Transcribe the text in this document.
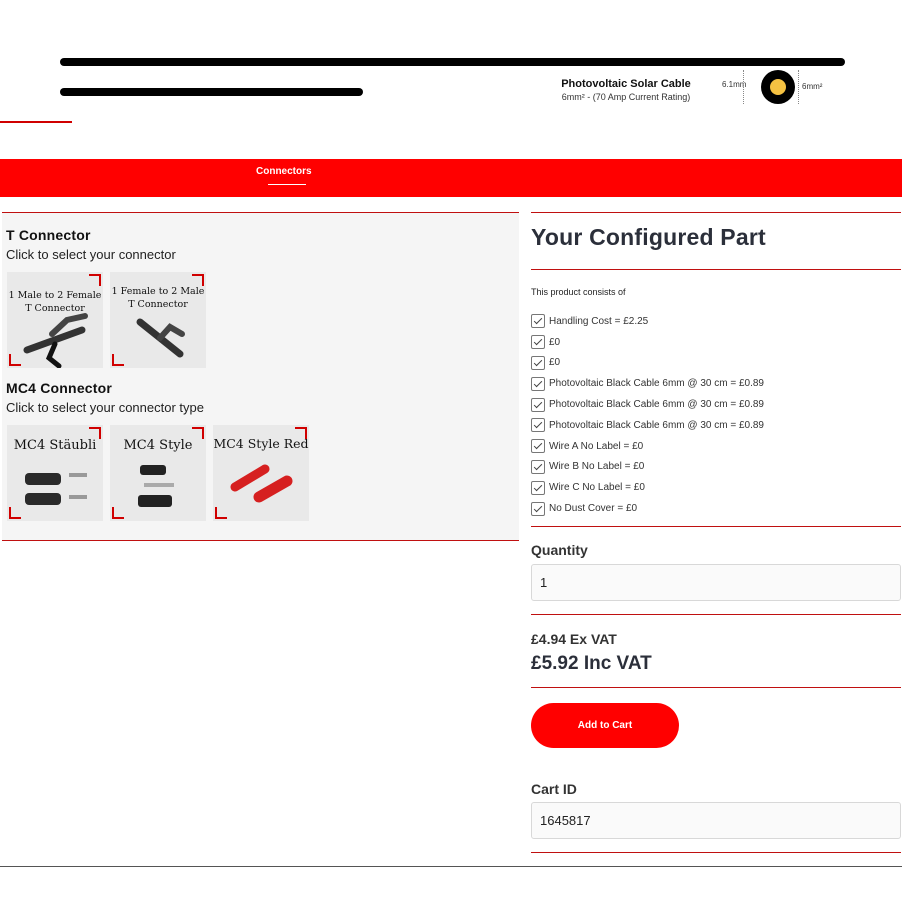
Photovoltaic Solar Cable
6mm² - (70 Amp Current Rating)
6.1mm	6mm²
Connectors
T Connector
Click to select your connector
1 Male to 2 Female
T Connector
1 Female to 2 Male
T Connector
MC4 Connector
Click to select your connector type
MC4 Stäubli	MC4 Style	MC4 Style Red
Your Configured Part
This product consists of
Handling Cost = £2.25
£0
£0
Photovoltaic Black Cable 6mm @ 30 cm = £0.89
Photovoltaic Black Cable 6mm @ 30 cm = £0.89
Photovoltaic Black Cable 6mm @ 30 cm = £0.89
Wire A No Label = £0
Wire B No Label = £0
Wire C No Label = £0
No Dust Cover = £0
Quantity
1
£4.94 Ex VAT
£5.92 Inc VAT
Add to Cart
Cart ID
1645817
